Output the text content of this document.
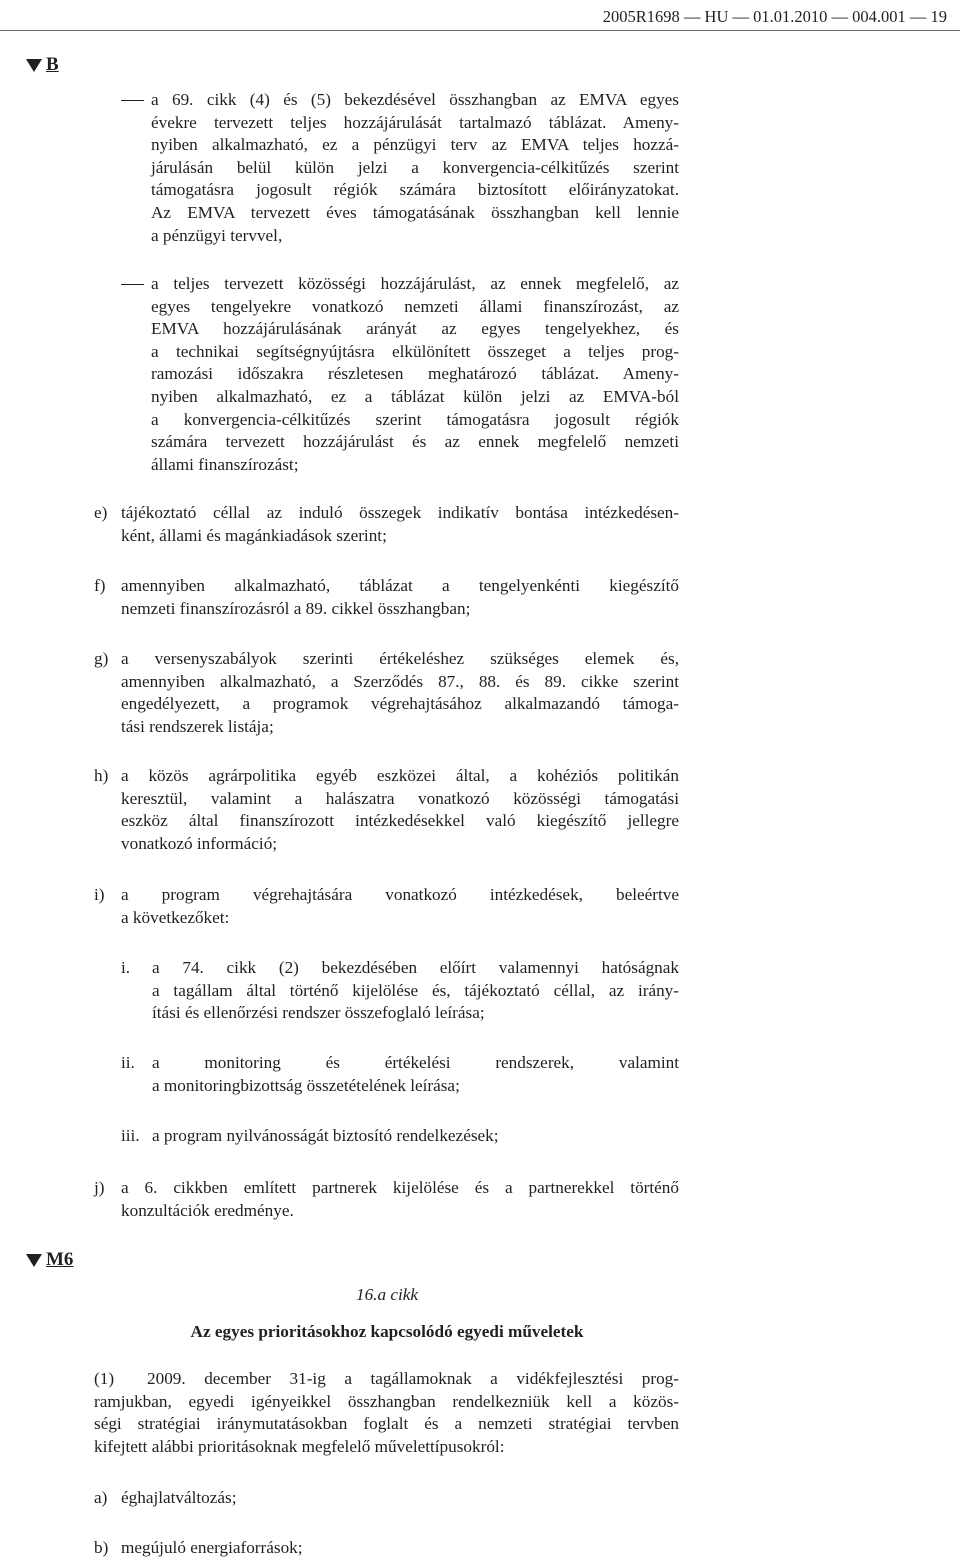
2005R1698 — HU — 01.01.2010 — 004.001 — 19
B
a 69. cikk (4) és (5) bekezdésével összhangban az EMVA egyes
évekre tervezett teljes hozzájárulását tartalmazó táblázat. Ameny-
nyiben alkalmazható, ez a pénzügyi terv az EMVA teljes hozzá-
járulásán belül külön jelzi a konvergencia-célkitűzés szerint
támogatásra jogosult régiók számára biztosított előirányzatokat.
Az EMVA tervezett éves támogatásának összhangban kell lennie
a pénzügyi tervvel,
a teljes tervezett közösségi hozzájárulást, az ennek megfelelő, az
egyes tengelyekre vonatkozó nemzeti állami finanszírozást, az
EMVA hozzájárulásának arányát az egyes tengelyekhez, és
a technikai segítségnyújtásra elkülönített összeget a teljes prog-
ramozási időszakra részletesen meghatározó táblázat. Ameny-
nyiben alkalmazható, ez a táblázat külön jelzi az EMVA-ból
a konvergencia-célkitűzés szerint támogatásra jogosult régiók
számára tervezett hozzájárulást és az ennek megfelelő nemzeti
állami finanszírozást;
e) tájékoztató céllal az induló összegek indikatív bontása intézkedésen-
ként, állami és magánkiadások szerint;
f) amennyiben alkalmazható, táblázat a tengelyenkénti kiegészítő
nemzeti finanszírozásról a 89. cikkel összhangban;
g) a versenyszabályok szerinti értékeléshez szükséges elemek és,
amennyiben alkalmazható, a Szerződés 87., 88. és 89. cikke szerint
engedélyezett, a programok végrehajtásához alkalmazandó támoga-
tási rendszerek listája;
h) a közös agrárpolitika egyéb eszközei által, a kohéziós politikán
keresztül, valamint a halászatra vonatkozó közösségi támogatási
eszköz által finanszírozott intézkedésekkel való kiegészítő jellegre
vonatkozó információ;
i) a program végrehajtására vonatkozó intézkedések, beleértve
a következőket:
i. a 74. cikk (2) bekezdésében előírt valamennyi hatóságnak
a tagállam által történő kijelölése és, tájékoztató céllal, az irány-
ítási és ellenőrzési rendszer összefoglaló leírása;
ii. a monitoring és értékelési rendszerek, valamint
a monitoringbizottság összetételének leírása;
iii. a program nyilvánosságát biztosító rendelkezések;
j) a 6. cikkben említett partnerek kijelölése és a partnerekkel történő
konzultációk eredménye.
M6
16.a cikk
Az egyes prioritásokhoz kapcsolódó egyedi műveletek
(1) 2009. december 31-ig a tagállamoknak a vidékfejlesztési prog-
ramjukban, egyedi igényeikkel összhangban rendelkezniük kell a közös-
ségi stratégiai iránymutatásokban foglalt és a nemzeti stratégiai tervben
kifejtett alábbi prioritásoknak megfelelő művelettípusokról:
a) éghajlatváltozás;
b) megújuló energiaforrások;
